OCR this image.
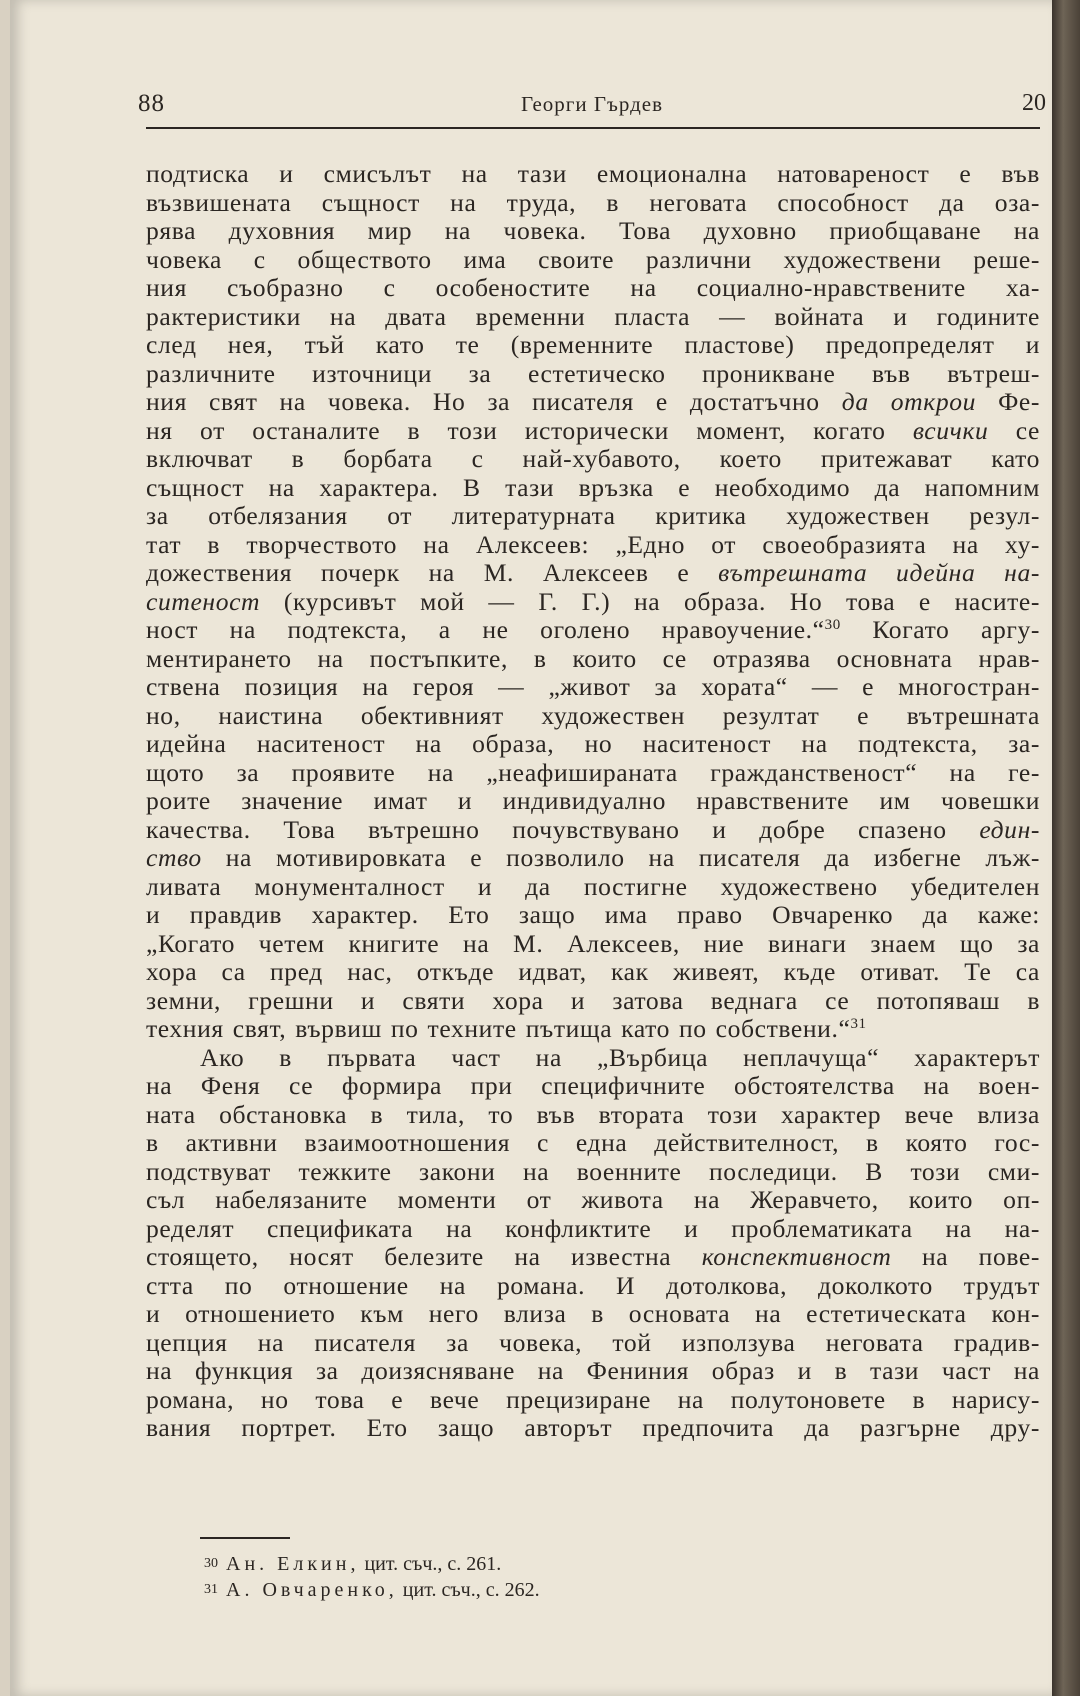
88	Георги Гърдев	20
подтиска и смисълът на тази емоционална натовареност е във
възвишената същност на труда, в неговата способност да оза-
рява духовния мир на човека. Това духовно приобщаване на
човека с обществото има своите различни художествени реше-
ния съобразно с особеностите на социално-нравствените ха-
рактеристики на двата временни пласта — войната и годините
след нея, тъй като те (временните пластове) предопределят и
различните източници за естетическо проникване във вътреш-
ния свят на човека. Но за писателя е достатъчно да открои Фе-
ня от останалите в този исторически момент, когато всички се
включват в борбата с най-хубавото, което притежават като
същност на характера. В тази връзка е необходимо да напомним
за отбелязания от литературната критика художествен резул-
тат в творчеството на Алексеев: „Едно от своеобразията на ху-
дожествения почерк на М. Алексеев е вътрешната идейна на-
ситеност (курсивът мой — Г. Г.) на образа. Но това е насите-
ност на подтекста, а не оголено нравоучение.“$^{30}$ Когато аргу-
ментирането на постъпките, в които се отразява основната нрав-
ствена позиция на героя — „живот за хората“ — е многостран-
но, наистина обективният художествен резултат е вътрешната
идейна наситеност на образа, но наситеност на подтекста, за-
щото за проявите на „неафишираната гражданственост“ на ге-
роите значение имат и индивидуално нравствените им човешки
качества. Това вътрешно почувствувано и добре спазено един-
ство на мотивировката е позволило на писателя да избегне лъж-
ливата монументалност и да постигне художествено убедителен
и правдив характер. Ето защо има право Овчаренко да каже:
„Когато четем книгите на М. Алексеев, ние винаги знаем що за
хора са пред нас, откъде идват, как живеят, къде отиват. Те са
земни, грешни и святи хора и затова веднага се потопяваш в
техния свят, вървиш по техните пътища като по собствени.“$^{31}$
Ако в първата част на „Върбица неплачуща“ характерът
на Феня се формира при специфичните обстоятелства на воен-
ната обстановка в тила, то във втората този характер вече влиза
в активни взаимоотношения с една действителност, в която гос-
подствуват тежките закони на военните последици. В този сми-
съл набелязаните моменти от живота на Жеравчето, които оп-
ределят спецификата на конфликтите и проблематиката на на-
стоящето, носят белезите на известна конспективност на пове-
стта по отношение на романа. И дотолкова, доколкото трудът
и отношението към него влиза в основата на естетическата кон-
цепция на писателя за човека, той използува неговата градив-
на функция за доизясняване на Фениния образ и в тази част на
романа, но това е вече прецизиране на полутоновете в нарису-
вания портрет. Ето защо авторът предпочита да разгърне дру-
$^{30}$ Ан. Елкин, цит. съч., с. 261.
$^{31}$ А. Овчаренко, цит. съч., с. 262.
